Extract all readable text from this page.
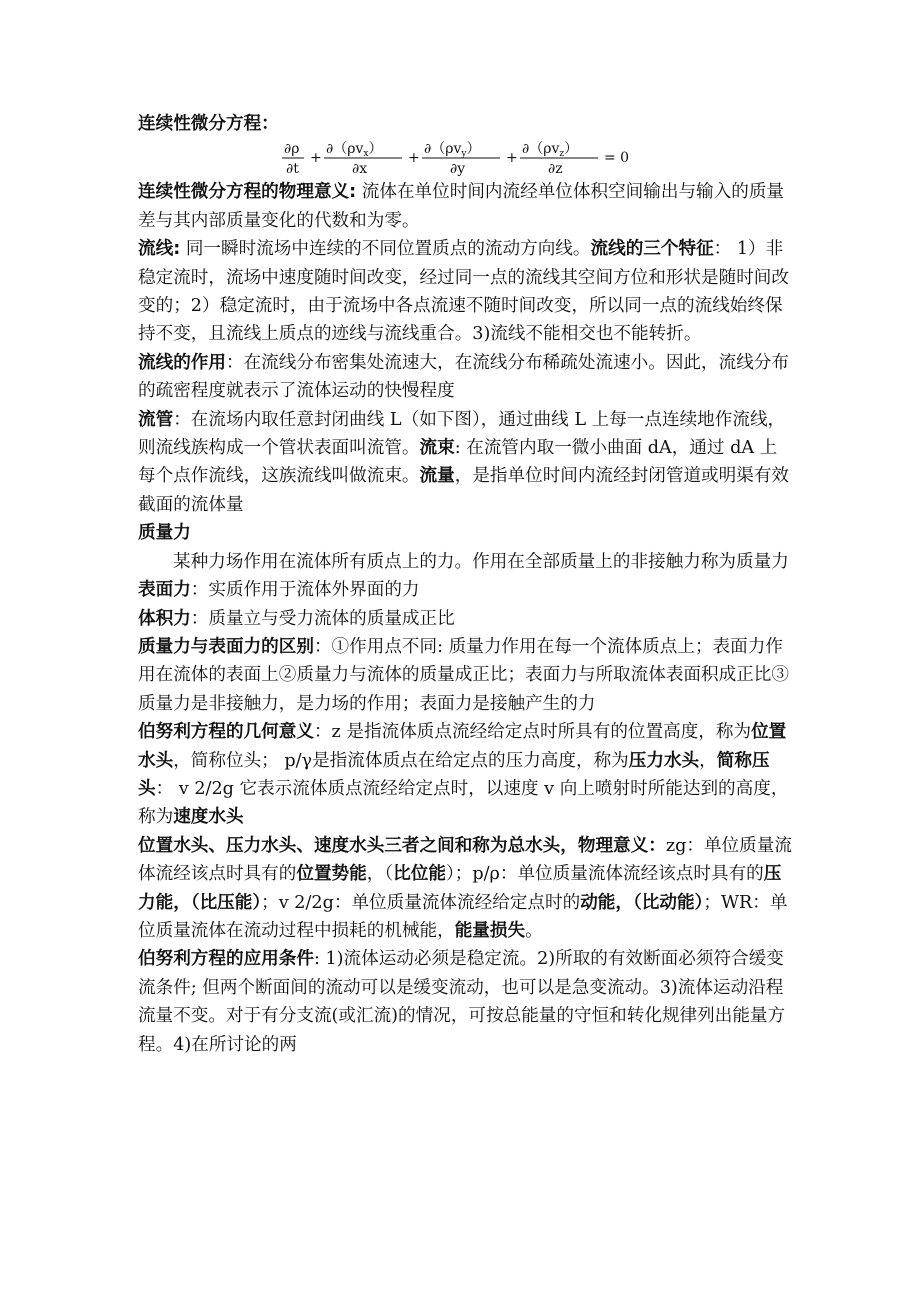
连续性微分方程：

∂ρ
∂t
+
$\partial(\rho v_x)$
∂x
+
$\partial(\rho v_y)$
∂y
+
$\partial(\rho v_z)$
∂z
= 0

连续性微分方程的物理意义: 流体在单位时间内流经单位体积空间输出与输入的质量差与其内部质量变化的代数和为零。

流线: 同一瞬时流场中连续的不同位置质点的流动方向线。流线的三个特征： 1）非稳定流时，流场中速度随时间改变，经过同一点的流线其空间方位和形状是随时间改变的；2）稳定流时，由于流场中各点流速不随时间改变，所以同一点的流线始终保持不变，且流线上质点的迹线与流线重合。3)流线不能相交也不能转折。

流线的作用：在流线分布密集处流速大，在流线分布稀疏处流速小。因此，流线分布的疏密程度就表示了流体运动的快慢程度

流管：在流场内取任意封闭曲线 L（如下图），通过曲线 L 上每一点连续地作流线，则流线族构成一个管状表面叫流管。流束: 在流管内取一微小曲面 dA，通过 dA 上每个点作流线，这族流线叫做流束。流量，是指单位时间内流经封闭管道或明渠有效截面的流体量

质量力

某种力场作用在流体所有质点上的力。作用在全部质量上的非接触力称为质量力

表面力：实质作用于流体外界面的力

体积力：质量立与受力流体的质量成正比

质量力与表面力的区别：①作用点不同: 质量力作用在每一个流体质点上；表面力作用在流体的表面上②质量力与流体的质量成正比；表面力与所取流体表面积成正比③质量力是非接触力，是力场的作用；表面力是接触产生的力

伯努利方程的几何意义：z 是指流体质点流经给定点时所具有的位置高度，称为位置水头，简称位头； p/γ是指流体质点在给定点的压力高度，称为压力水头，简称压头： v 2/2g 它表示流体质点流经给定点时，以速度 v 向上喷射时所能达到的高度，称为速度水头

位置水头、压力水头、速度水头三者之间和称为总水头，物理意义：zg：单位质量流体流经该点时具有的位置势能，（比位能）；p/ρ：单位质量流体流经该点时具有的压力能，（比压能）；v 2/2g：单位质量流体流经给定点时的动能，（比动能）；WR：单位质量流体在流动过程中损耗的机械能，能量损失。

伯努利方程的应用条件: 1)流体运动必须是稳定流。2)所取的有效断面必须符合缓变流条件; 但两个断面间的流动可以是缓变流动，也可以是急变流动。3)流体运动沿程流量不变。对于有分支流(或汇流)的情况，可按总能量的守恒和转化规律列出能量方程。4)在所讨论的两
